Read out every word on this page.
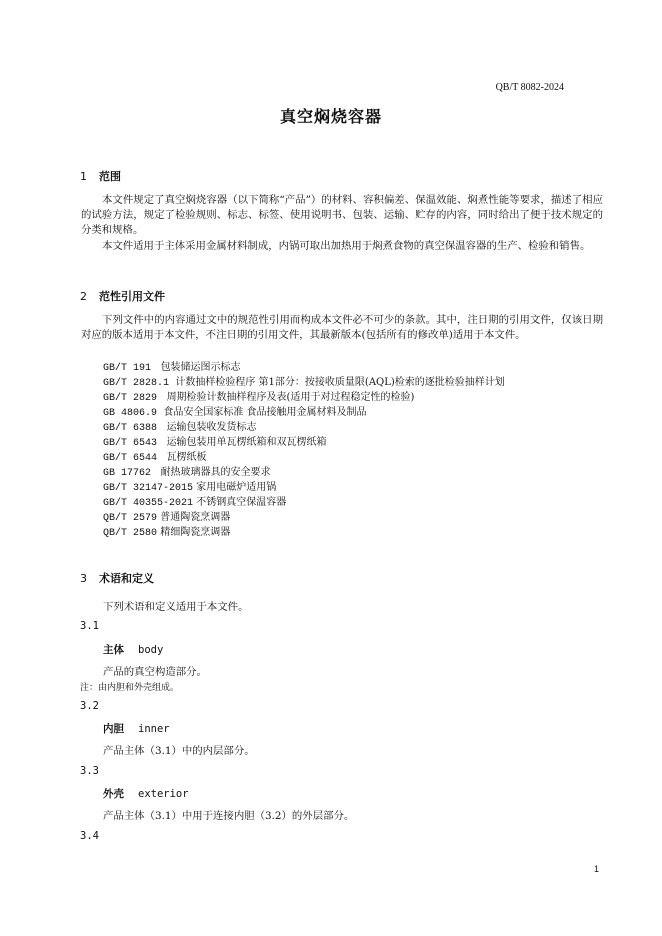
QB/T 8082-2024
真空焖烧容器
1 范围
本文件规定了真空焖烧容器（以下简称“产品”）的材料、容积偏差、保温效能、焖煮性能等要求，描述了相应的试验方法，规定了检验规则、标志、标签、使用说明书、包装、运输、贮存的内容，同时给出了便于技术规定的分类和规格。
本文件适用于主体采用金属材料制成，内锅可取出加热用于焖煮食物的真空保温容器的生产、检验和销售。
2 范性引用文件
下列文件中的内容通过文中的规范性引用而构成本文件必不可少的条款。其中，注日期的引用文件，仅该日期对应的版本适用于本文件，不注日期的引用文件，其最新版本(包括所有的修改单)适用于本文件。
GB/T 191 包装储运图示标志
GB/T 2828.1 计数抽样检验程序 第1部分：按接收质量限(AQL)检索的逐批检验抽样计划
GB/T 2829 周期检验计数抽样程序及表(适用于对过程稳定性的检验)
GB 4806.9 食品安全国家标准 食品接触用金属材料及制品
GB/T 6388 运输包装收发货标志
GB/T 6543 运输包装用单瓦楞纸箱和双瓦楞纸箱
GB/T 6544 瓦楞纸板
GB 17762 耐热玻璃器具的安全要求
GB/T 32147-2015 家用电磁炉适用锅
GB/T 40355-2021 不锈钢真空保温容器
QB/T 2579 普通陶瓷烹调器
QB/T 2580 精细陶瓷烹调器
3 术语和定义
下列术语和定义适用于本文件。
3.1
主体 body
产品的真空构造部分。
注：由内胆和外壳组成。
3.2
内胆 inner
产品主体（3.1）中的内层部分。
3.3
外壳 exterior
产品主体（3.1）中用于连接内胆（3.2）的外层部分。
3.4
1
